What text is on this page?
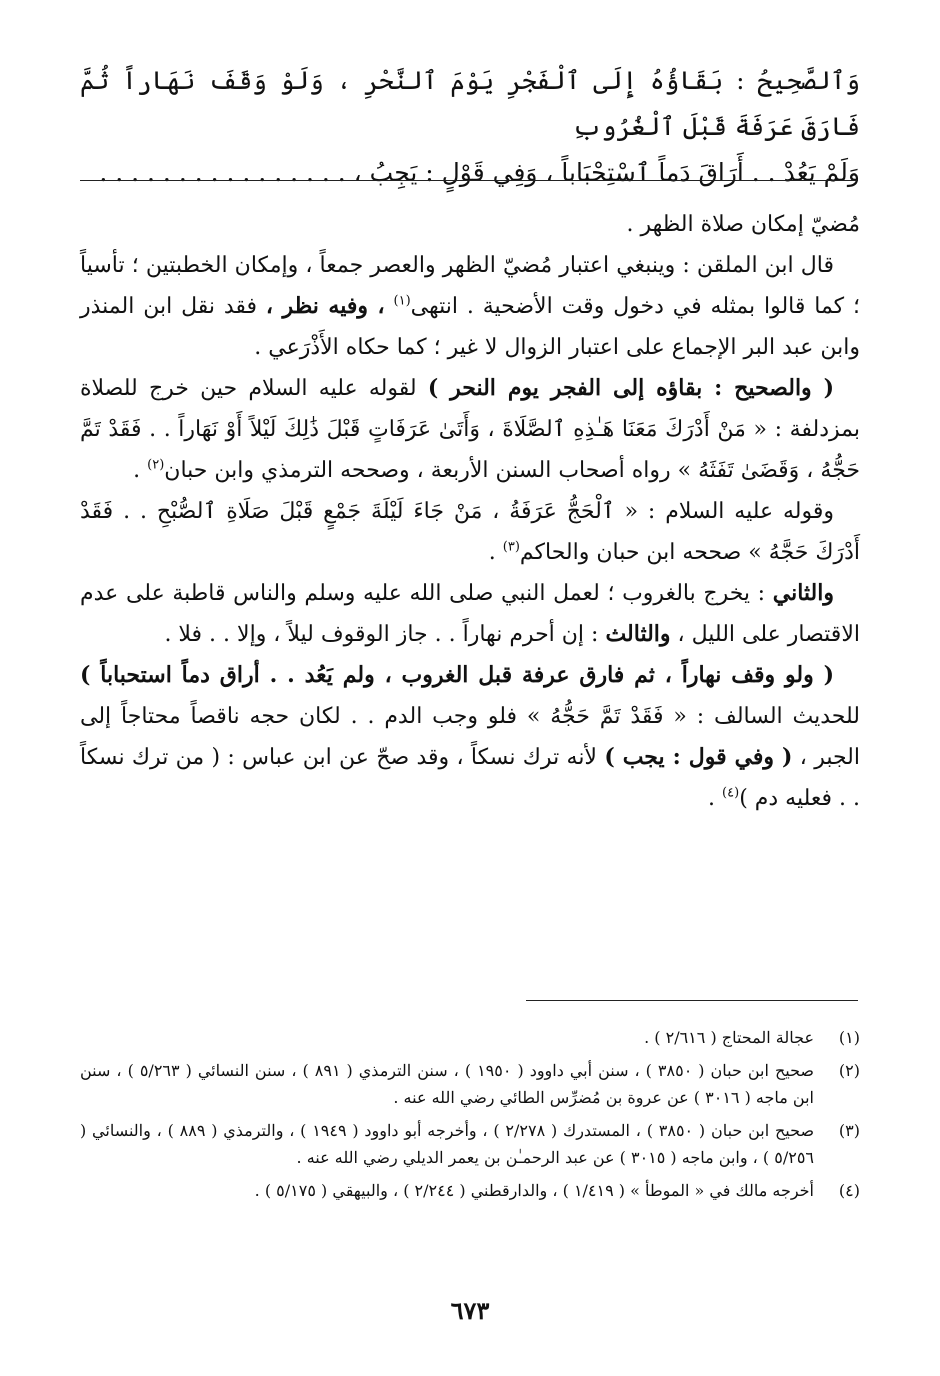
وَٱلصَّحِيحُ : بَقَاؤُهُ إِلَى ٱلْفَجْرِ يَوْمَ ٱلنَّحْرِ ، وَلَوْ وَقَفَ نَهَاراً ثُمَّ فَارَقَ عَرَفَةَ قَبْلَ ٱلْغُرُوبِ
وَلَمْ يَعُدْ . . أَرَاقَ دَماً ٱسْتِحْبَاباً ، وَفِي قَوْلٍ : يَجِبُ ، . . . . . . . . . . . . . . . .

مُضيّ إمكان صلاة الظهر .

قال ابن الملقن : وينبغي اعتبار مُضيّ الظهر والعصر جمعاً ، وإمكان الخطبتين ؛ تأسياً ؛ كما قالوا بمثله في دخول وقت الأضحية . انتهى$^{(١)}$ ، وفيه نظر ، فقد نقل ابن المنذر وابن عبد البر الإجماع على اعتبار الزوال لا غير ؛ كما حكاه الأَذْرَعي .

( والصحيح : بقاؤه إلى الفجر يوم النحر ) لقوله عليه السلام حين خرج للصلاة بمزدلفة : « مَنْ أَدْرَكَ مَعَنَا هَـٰذِهِ ٱلصَّلَاةَ ، وَأَتَىٰ عَرَفَاتٍ قَبْلَ ذَٰلِكَ لَيْلاً أَوْ نَهَاراً . . فَقَدْ تَمَّ حَجُّهُ ، وَقَضَىٰ تَفَثَهُ » رواه أصحاب السنن الأربعة ، وصححه الترمذي وابن حبان$^{(٢)}$ .

وقوله عليه السلام : « ٱلْحَجُّ عَرَفَةُ ، مَنْ جَاءَ لَيْلَةَ جَمْعٍ قَبْلَ صَلَاةِ ٱلصُّبْحِ . . فَقَدْ أَدْرَكَ حَجَّهُ » صححه ابن حبان والحاكم$^{(٣)}$ .

والثاني : يخرج بالغروب ؛ لعمل النبي صلى الله عليه وسلم والناس قاطبة على عدم الاقتصار على الليل ، والثالث : إن أحرم نهاراً . . جاز الوقوف ليلاً ، وإلا . . فلا .

( ولو وقف نهاراً ، ثم فارق عرفة قبل الغروب ، ولم يَعُد . . أراق دماً استحباباً ) للحديث السالف : « فَقَدْ تَمَّ حَجُّهُ » فلو وجب الدم . . لكان حجه ناقصاً محتاجاً إلى الجبر ، ( وفي قول : يجب ) لأنه ترك نسكاً ، وقد صحّ عن ابن عباس : ( من ترك نسكاً . . فعليه دم )$^{(٤)}$ .

(١)
عجالة المحتاج ( ٢/٦١٦ ) .
(٢)
صحيح ابن حبان ( ٣٨٥٠ ) ، سنن أبي داوود ( ١٩٥٠ ) ، سنن الترمذي ( ٨٩١ ) ، سنن النسائي ( ٥/٢٦٣ ) ، سنن ابن ماجه ( ٣٠١٦ ) عن عروة بن مُضرِّس الطائي رضي الله عنه .
(٣)
صحيح ابن حبان ( ٣٨٥٠ ) ، المستدرك ( ٢/٢٧٨ ) ، وأخرجه أبو داوود ( ١٩٤٩ ) ، والترمذي ( ٨٨٩ ) ، والنسائي ( ٥/٢٥٦ ) ، وابن ماجه ( ٣٠١٥ ) عن عبد الرحمـٰن بن يعمر الديلي رضي الله عنه .
(٤)
أخرجه مالك في « الموطأ » ( ١/٤١٩ ) ، والدارقطني ( ٢/٢٤٤ ) ، والبيهقي ( ٥/١٧٥ ) .
٦٧٣
